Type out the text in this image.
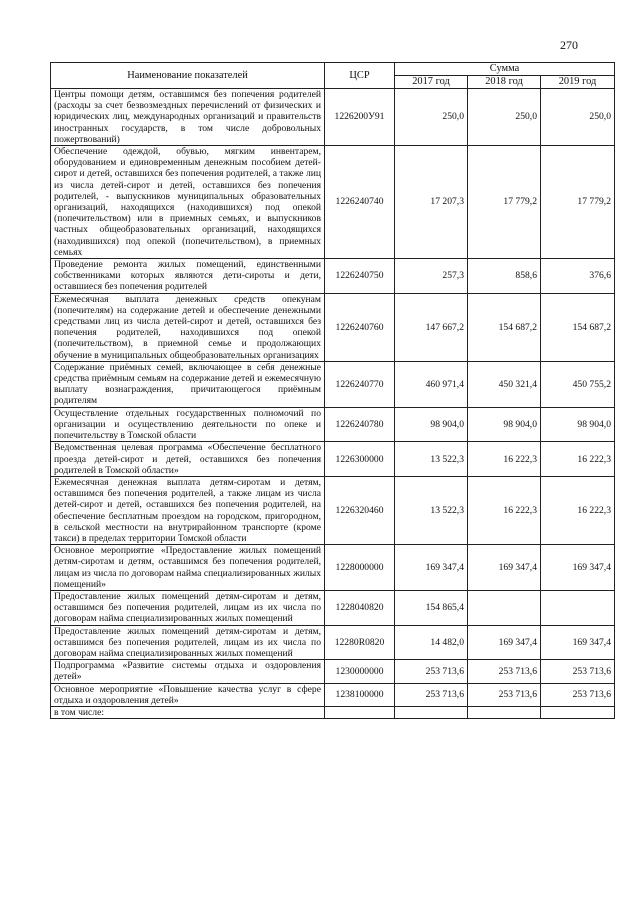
270
Наименование показателей	ЦСР	Сумма		
		2017 год	2018 год	2019 год
Центры помощи детям, оставшимся без попечения родителей (расходы за счет безвозмездных перечислений от физических и юридических лиц, международных организаций и правительств иностранных государств, в том числе добровольных пожертвований)	1226200У91	250,0	250,0	250,0
Обеспечение одеждой, обувью, мягким инвентарем, оборудованием и единовременным денежным пособием детей-сирот и детей, оставшихся без попечения родителей, а также лиц из числа детей-сирот и детей, оставшихся без попечения родителей, - выпускников муниципальных образовательных организаций, находящихся (находившихся) под опекой (попечительством) или в приемных семьях, и выпускников частных общеобразовательных организаций, находящихся (находившихся) под опекой (попечительством), в приемных семьях	1226240740	17 207,3	17 779,2	17 779,2
Проведение ремонта жилых помещений, единственными собственниками которых являются дети-сироты и дети, оставшиеся без попечения родителей	1226240750	257,3	858,6	376,6
Ежемесячная выплата денежных средств опекунам (попечителям) на содержание детей и обеспечение денежными средствами лиц из числа детей-сирот и детей, оставшихся без попечения родителей, находившихся под опекой (попечительством), в приемной семье и продолжающих обучение в муниципальных общеобразовательных организациях	1226240760	147 667,2	154 687,2	154 687,2
Содержание приёмных семей, включающее в себя денежные средства приёмным семьям на содержание детей и ежемесячную выплату вознаграждения, причитающегося приёмным родителям	1226240770	460 971,4	450 321,4	450 755,2
Осуществление отдельных государственных полномочий по организации и осуществлению деятельности по опеке и попечительству в Томской области	1226240780	98 904,0	98 904,0	98 904,0
Ведомственная целевая программа «Обеспечение бесплатного проезда детей-сирот и детей, оставшихся без попечения родителей в Томской области»	1226300000	13 522,3	16 222,3	16 222,3
Ежемесячная денежная выплата детям-сиротам и детям, оставшимся без попечения родителей, а также лицам из числа детей-сирот и детей, оставшихся без попечения родителей, на обеспечение бесплатным проездом на городском, пригородном, в сельской местности на внутрирайонном транспорте (кроме такси) в пределах территории Томской области	1226320460	13 522,3	16 222,3	16 222,3
Основное мероприятие «Предоставление жилых помещений детям-сиротам и детям, оставшимся без попечения родителей, лицам из числа по договорам найма специализированных жилых помещений»	1228000000	169 347,4	169 347,4	169 347,4
Предоставление жилых помещений детям-сиротам и детям, оставшимся без попечения родителей, лицам из их числа по договорам найма специализированных жилых помещений	1228040820	154 865,4		
Предоставление жилых помещений детям-сиротам и детям, оставшимся без попечения родителей, лицам из их числа по договорам найма специализированных жилых помещений	12280R0820	14 482,0	169 347,4	169 347,4
Подпрограмма «Развитие системы отдыха и оздоровления детей»	1230000000	253 713,6	253 713,6	253 713,6
Основное мероприятие «Повышение качества услуг в сфере отдыха и оздоровления детей»	1238100000	253 713,6	253 713,6	253 713,6
в том числе:				
